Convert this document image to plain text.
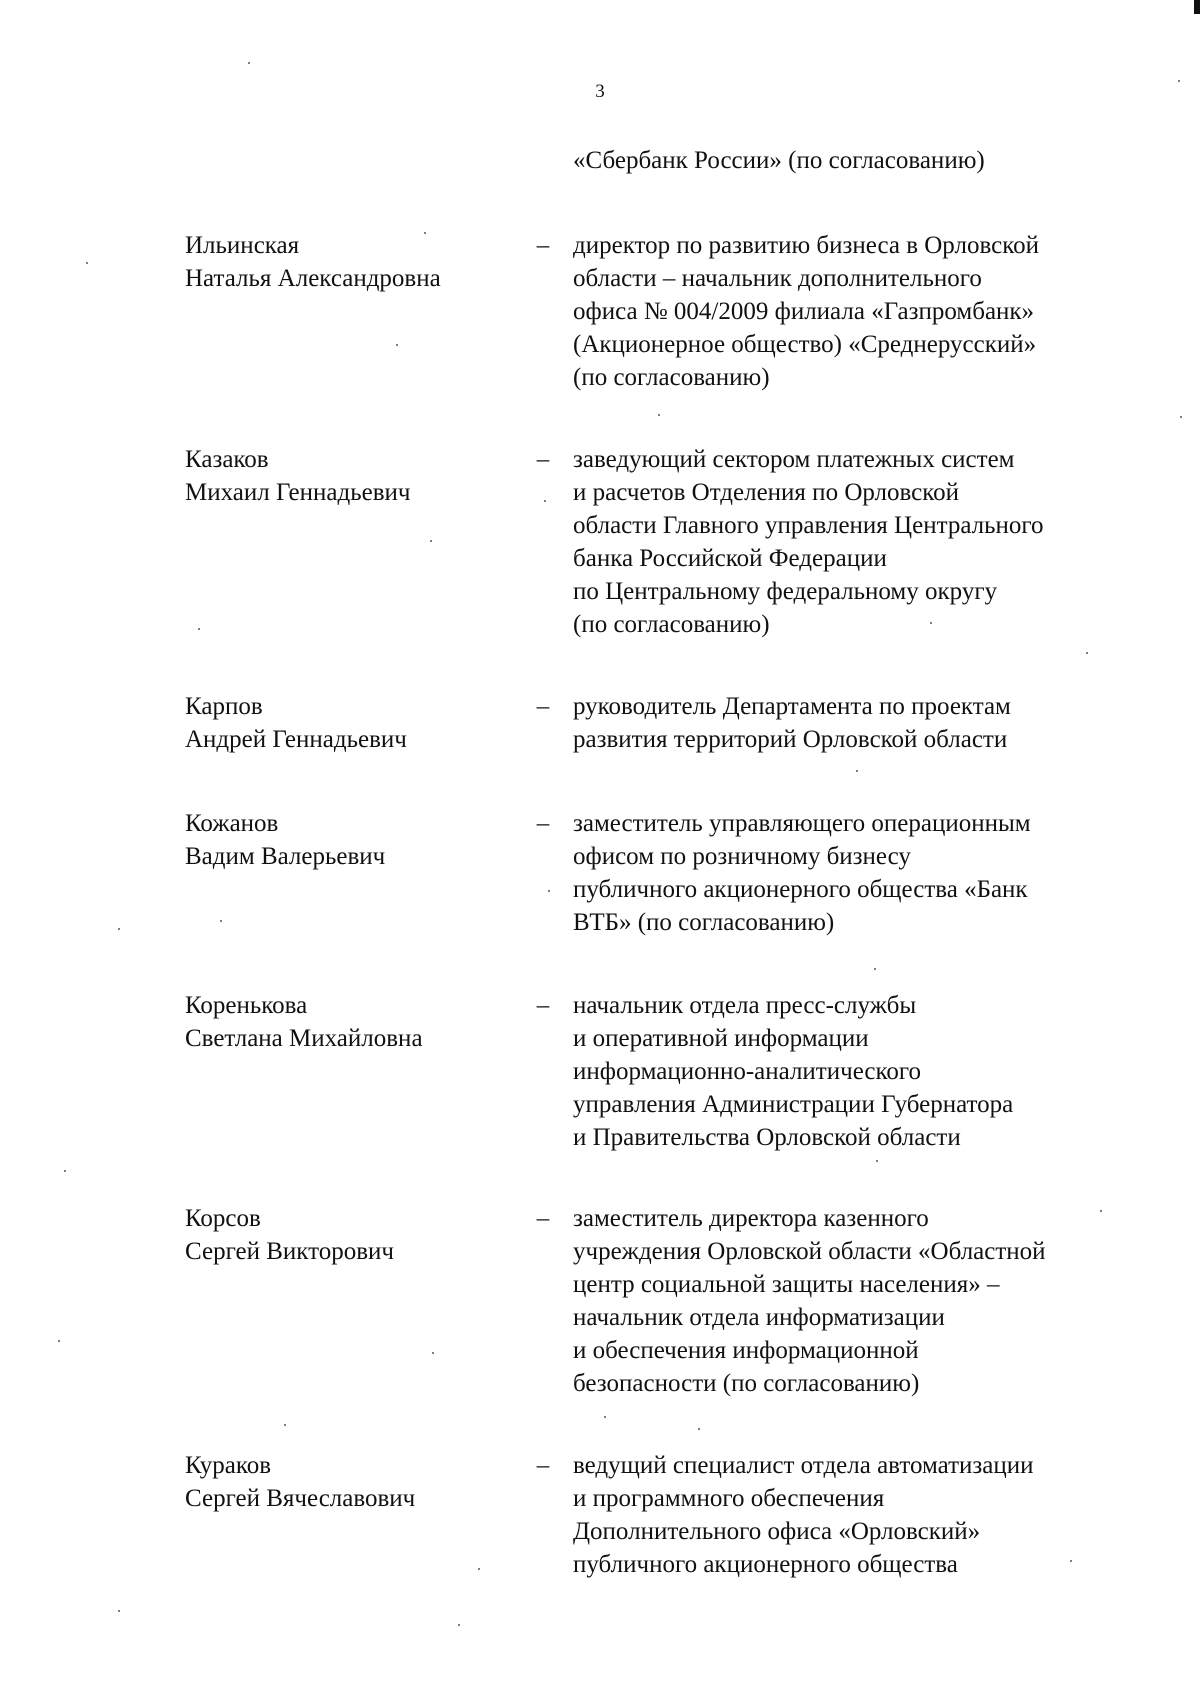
3
«Сбербанк России» (по согласованию)
Ильинская
Наталья Александровна
– директор по развитию бизнеса в Орловской
области – начальник дополнительного
офиса № 004/2009 филиала «Газпромбанк»
(Акционерное общество) «Среднерусский»
(по согласованию)
Казаков
Михаил Геннадьевич
– заведующий сектором платежных систем
и расчетов Отделения по Орловской
области Главного управления Центрального
банка Российской Федерации
по Центральному федеральному округу
(по согласованию)
Карпов
Андрей Геннадьевич
– руководитель Департамента по проектам
развития территорий Орловской области
Кожанов
Вадим Валерьевич
– заместитель управляющего операционным
офисом по розничному бизнесу
публичного акционерного общества «Банк
ВТБ» (по согласованию)
Коренькова
Светлана Михайловна
– начальник отдела пресс-службы
и оперативной информации
информационно-аналитического
управления Администрации Губернатора
и Правительства Орловской области
Корсов
Сергей Викторович
– заместитель директора казенного
учреждения Орловской области «Областной
центр социальной защиты населения» –
начальник отдела информатизации
и обеспечения информационной
безопасности (по согласованию)
Кураков
Сергей Вячеславович
– ведущий специалист отдела автоматизации
и программного обеспечения
Дополнительного офиса «Орловский»
публичного акционерного общества
